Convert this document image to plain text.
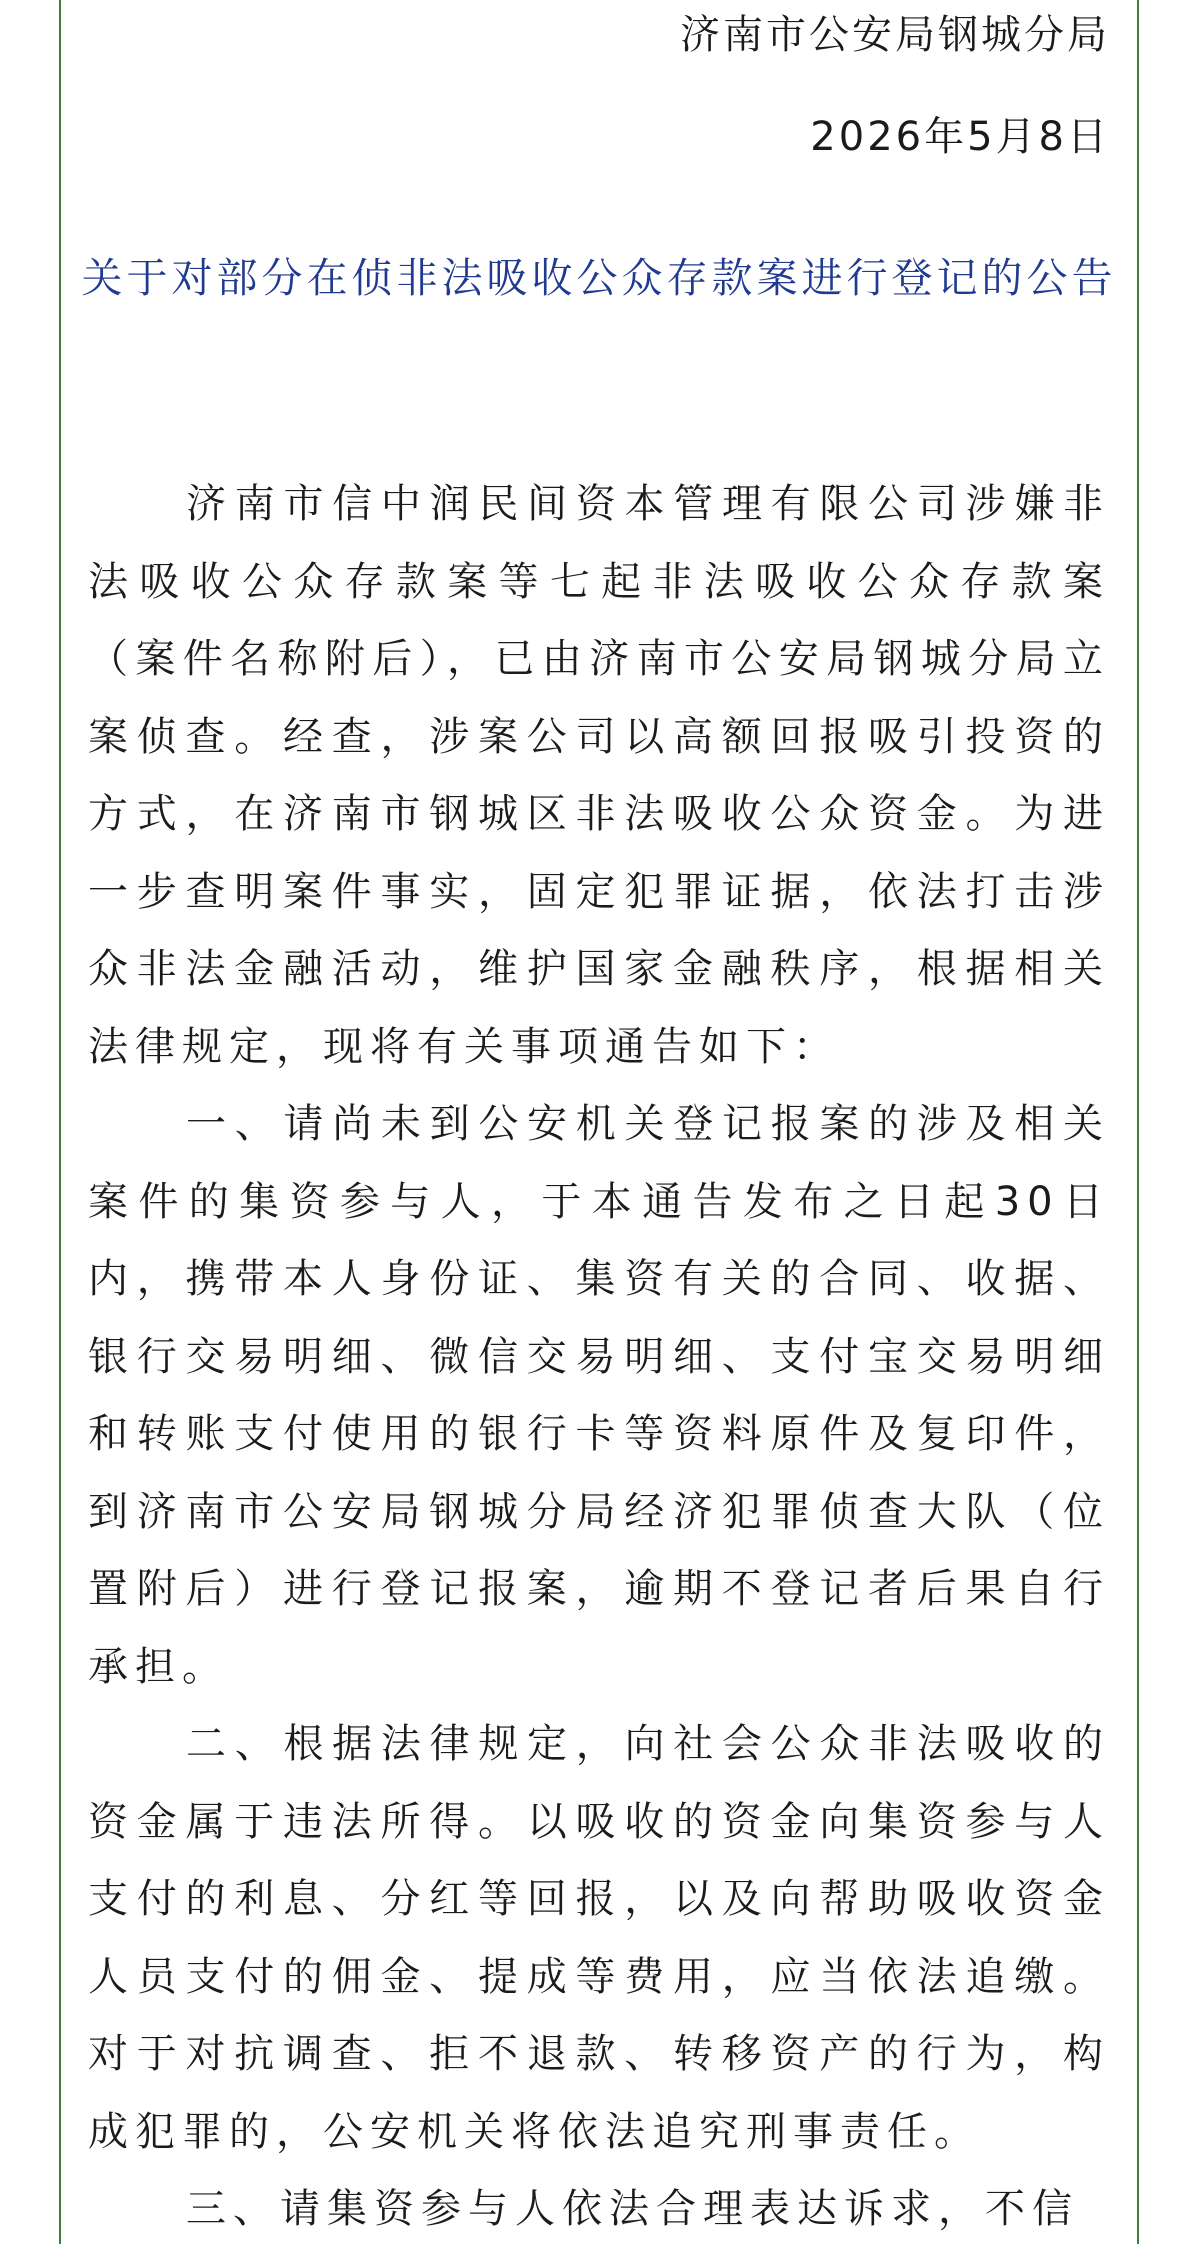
济南市公安局钢城分局
2026年5月8日
关于对部分在侦非法吸收公众存款案进行登记的公告

济南市信中润民间资本管理有限公司涉嫌非法吸收公众存款案等七起非法吸收公众存款案（案件名称附后），已由济南市公安局钢城分局立案侦查。经查，涉案公司以高额回报吸引投资的方式，在济南市钢城区非法吸收公众资金。为进一步查明案件事实，固定犯罪证据，依法打击涉众非法金融活动，维护国家金融秩序，根据相关法律规定，现将有关事项通告如下：

一、请尚未到公安机关登记报案的涉及相关案件的集资参与人，于本通告发布之日起30日内，携带本人身份证、集资有关的合同、收据、银行交易明细、微信交易明细、支付宝交易明细和转账支付使用的银行卡等资料原件及复印件，到济南市公安局钢城分局经济犯罪侦查大队（位置附后）进行登记报案，逾期不登记者后果自行承担。

二、根据法律规定，向社会公众非法吸收的资金属于违法所得。以吸收的资金向集资参与人支付的利息、分红等回报，以及向帮助吸收资金人员支付的佣金、提成等费用，应当依法追缴。对于对抗调查、拒不退款、转移资产的行为，构成犯罪的，公安机关将依法追究刑事责任。

三、请集资参与人依法合理表达诉求，不信
